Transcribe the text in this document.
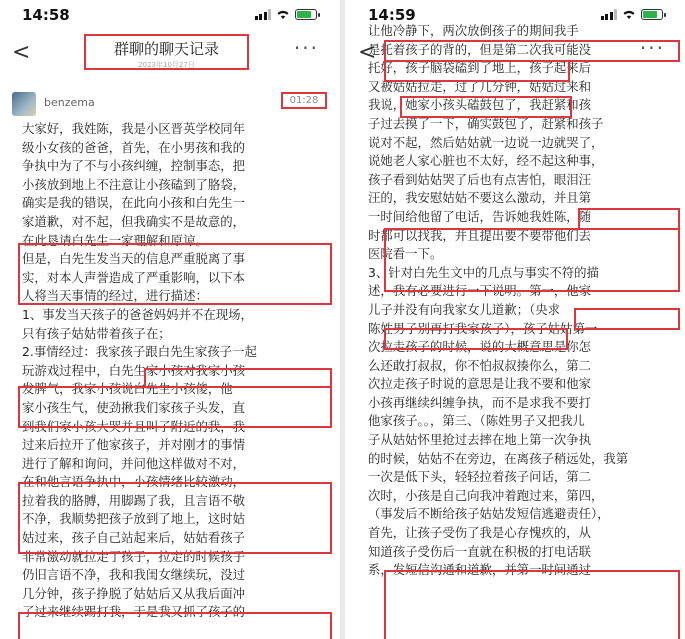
14:58
<	群聊的聊天记录
2023年10月27日
···
benzema	01:28

大家好，我姓陈，我是小区晋英学校同年

级小女孩的爸爸，首先，在小男孩和我的

争执中为了不与小孩纠缠，控制事态，把

小孩放到地上不注意让小孩磕到了胳袋，

确实是我的错误，在此向小孩和白先生一

家道歉，对不起，但我确实不是故意的，

在此恳请白先生一家理解和原谅。

但是，白先生发当天的信息严重脱离了事

实，对本人声誉造成了严重影响，以下本

人将当天事情的经过，进行描述：

1、事发当天孩子的爸爸妈妈并不在现场，

只有孩子姑姑带着孩子在；

2.事情经过：我家孩子跟白先生家孩子一起

玩游戏过程中，白先生家小孩对我家小孩

发脾气，我家小孩说白先生小孩傻，他

家小孩生气，使劲揪我们家孩子头发，直

到我们家小孩大哭并且叫了附近的我，我

过来后拉开了他家孩子，并对刚才的事情

进行了解和询问，并问他这样做对不对，

在和他言语争执中，小孩情绪比较激动，

拉着我的胳膊，用脚踢了我，且言语不敬

不净，我顺势把孩子放到了地上，这时姑

姑过来，孩子自己站起来后，姑姑看孩子

非常激动就拉走了孩子，拉走的时候孩子

仍旧言语不净，我和我闺女继续玩，没过

几分钟，孩子挣脱了姑姑后又从我后面冲

了过来继续踢打我，于是我又抓了孩子的

14:59
<	···

让他冷静下，两次放倒孩子的期间我手

是托着孩子的背的，但是第二次我可能没

托好，孩子脑袋磕到了地上，孩子起来后

又被姑姑拉走，过了几分钟，姑姑过来和

我说，她家小孩头磕鼓包了，我赶紧和孩

子过去摸了一下，确实鼓包了，赶紧和孩子

说对不起，然后姑姑就一边说一边就哭了，

说她老人家心脏也不太好，经不起这种事，

孩子看到姑姑哭了后也有点害怕，眼泪汪

汪的，我安慰姑姑不要这么激动，并且第

一时间给他留了电话，告诉她我姓陈，随

时都可以找我，并且提出要不要带他们去

医院看一下。

3、针对白先生文中的几点与事实不符的描

述，我有必要进行一下说明。第一，他家

儿子并没有向我家女儿道歉；（央求

陈姓男子别再打我家孩子），孩子姑姑第一

次拉走孩子的时候，说的大概意思是你怎

么还敢打叔叔，你不怕叔叔揍你么，第二

次拉走孩子时说的意思是让我不要和他家

小孩再继续纠缠争执，而不是求我不要打

他家孩子。。，第三、（陈姓男子又把我儿

子从姑姑怀里抢过去摔在地上第一次争执

的时候，姑姑不在旁边，在离孩子稍远处，我第

一次是低下头，轻轻拉着孩子问话，第二

次时，小孩是自己向我冲着跑过来，第四，

（事发后不断给孩子姑姑发短信逃避责任），

首先，让孩子受伤了我是心存愧疚的，从

知道孩子受伤后一直就在积极的打电话联

系，发短信沟通和道歉，并第一时间通过
